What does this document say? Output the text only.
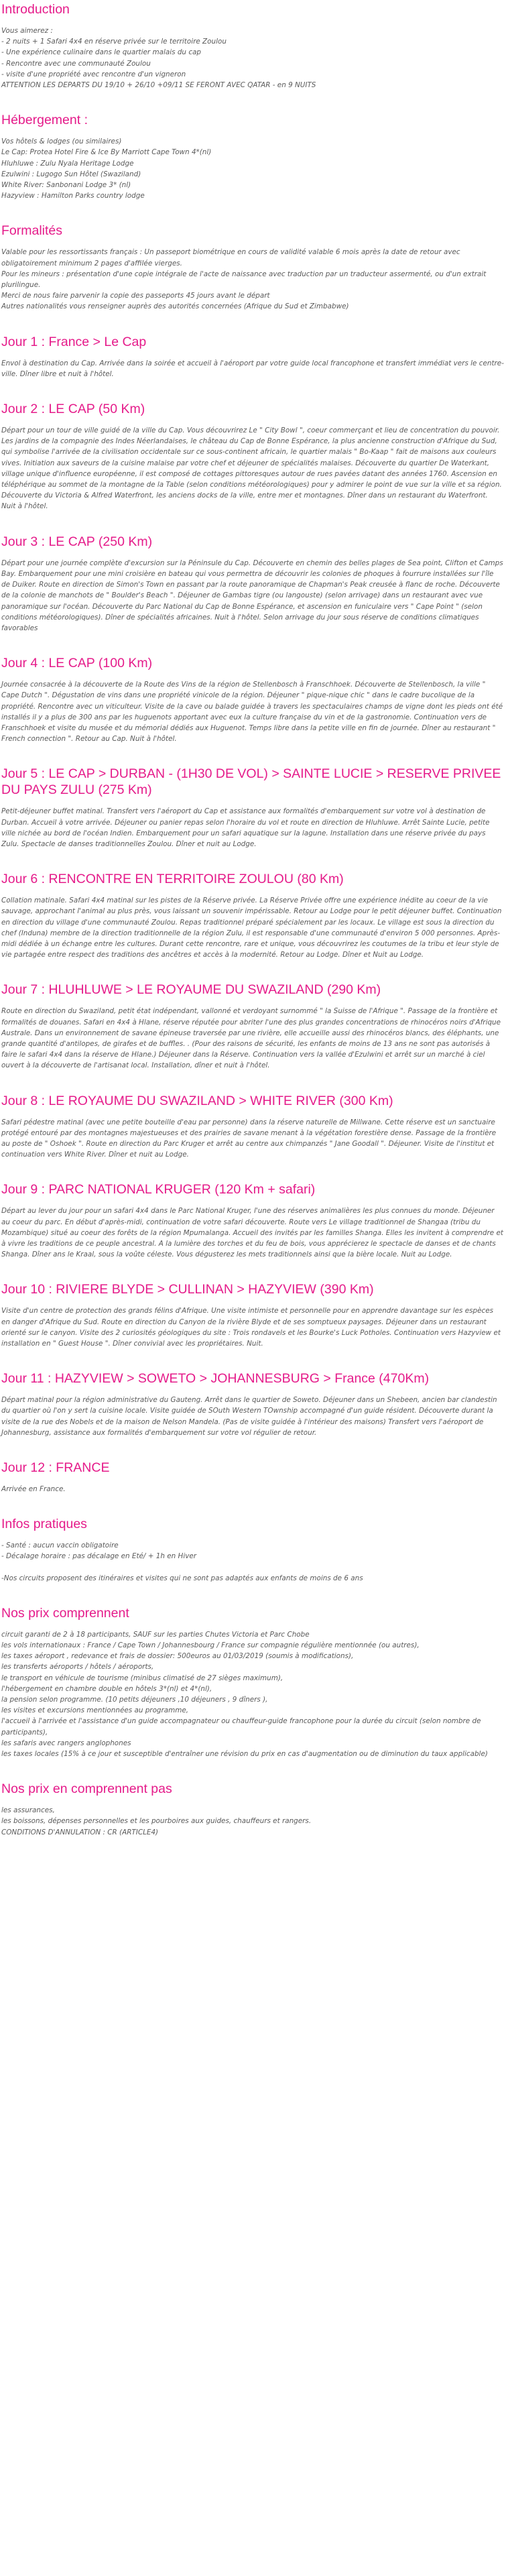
Introduction

Vous aimerez :

- 2 nuits + 1 Safari 4x4 en réserve privée sur le territoire Zoulou

- Une expérience culinaire dans le quartier malais du cap

- Rencontre avec une communauté Zoulou

- visite d'une propriété avec rencontre d'un vigneron

ATTENTION LES DEPARTS DU 19/10 + 26/10 +09/11 SE FERONT AVEC QATAR - en 9 NUITS

Hébergement :

Vos hôtels & lodges (ou similaires)

Le Cap: Protea Hotel Fire & Ice By Marriott Cape Town 4*(nl)

Hluhluwe : Zulu Nyala Heritage Lodge

Ezulwini : Lugogo Sun Hôtel (Swaziland)

White River: Sanbonani Lodge 3* (nl)

Hazyview : Hamilton Parks country lodge

Formalités

Valable pour les ressortissants français : Un passeport biométrique en cours de validité valable 6 mois après la date de retour avec obligatoirement minimum 2 pages d'affilée vierges.

Pour les mineurs : présentation d'une copie intégrale de l'acte de naissance avec traduction par un traducteur assermenté, ou d'un extrait plurilingue.

Merci de nous faire parvenir la copie des passeports 45 jours avant le départ

Autres nationalités vous renseigner auprès des autorités concernées (Afrique du Sud et Zimbabwe)

Jour 1 : France > Le Cap

Envol à destination du Cap. Arrivée dans la soirée et accueil à l'aéroport par votre guide local francophone et transfert immédiat vers le centre-ville. Dîner libre et nuit à l'hôtel.

Jour 2 : LE CAP (50 Km)

Départ pour un tour de ville guidé de la ville du Cap. Vous découvrirez Le " City Bowl ", coeur commerçant et lieu de concentration du pouvoir. Les jardins de la compagnie des Indes Néerlandaises, le château du Cap de Bonne Espérance, la plus ancienne construction d'Afrique du Sud, qui symbolise l'arrivée de la civilisation occidentale sur ce sous-continent africain, le quartier malais " Bo-Kaap " fait de maisons aux couleurs vives. Initiation aux saveurs de la cuisine malaise par votre chef et déjeuner de spécialités malaises. Découverte du quartier De Waterkant, village unique d'influence européenne, il est composé de cottages pittoresques autour de rues pavées datant des années 1760. Ascension en téléphérique au sommet de la montagne de la Table (selon conditions météorologiques) pour y admirer le point de vue sur la ville et sa région. Découverte du Victoria & Alfred Waterfront, les anciens docks de la ville, entre mer et montagnes. Dîner dans un restaurant du Waterfront. Nuit à l'hôtel.

Jour 3 : LE CAP (250 Km)

Départ pour une journée complète d'excursion sur la Péninsule du Cap. Découverte en chemin des belles plages de Sea point, Clifton et Camps Bay. Embarquement pour une mini croisière en bateau qui vous permettra de découvrir les colonies de phoques à fourrure installées sur l'île de Duiker. Route en direction de Simon's Town en passant par la route panoramique de Chapman's Peak creusée à flanc de roche. Découverte de la colonie de manchots de " Boulder's Beach ". Déjeuner de Gambas tigre (ou langouste) (selon arrivage) dans un restaurant avec vue panoramique sur l'océan. Découverte du Parc National du Cap de Bonne Espérance, et ascension en funiculaire vers " Cape Point " (selon conditions météorologiques). Dîner de spécialités africaines. Nuit à l'hôtel. Selon arrivage du jour sous réserve de conditions climatiques favorables

Jour 4 : LE CAP (100 Km)

Journée consacrée à la découverte de la Route des Vins de la région de Stellenbosch à Franschhoek. Découverte de Stellenbosch, la ville " Cape Dutch ". Dégustation de vins dans une propriété vinicole de la région. Déjeuner " pique-nique chic " dans le cadre bucolique de la propriété. Rencontre avec un viticulteur. Visite de la cave ou balade guidée à travers les spectaculaires champs de vigne dont les pieds ont été installés il y a plus de 300 ans par les huguenots apportant avec eux la culture française du vin et de la gastronomie. Continuation vers de Franschhoek et visite du musée et du mémorial dédiés aux Huguenot. Temps libre dans la petite ville en fin de journée. Dîner au restaurant " French connection ". Retour au Cap. Nuit à l'hôtel.

Jour 5 : LE CAP > DURBAN - (1H30 DE VOL) > SAINTE LUCIE > RESERVE PRIVEE DU PAYS ZULU (275 Km)

Petit-déjeuner buffet matinal. Transfert vers l'aéroport du Cap et assistance aux formalités d'embarquement sur votre vol à destination de Durban. Accueil à votre arrivée. Déjeuner ou panier repas selon l'horaire du vol et route en direction de Hluhluwe. Arrêt Sainte Lucie, petite ville nichée au bord de l'océan Indien. Embarquement pour un safari aquatique sur la lagune. Installation dans une réserve privée du pays Zulu. Spectacle de danses traditionnelles Zoulou. Dîner et nuit au Lodge.

Jour 6 : RENCONTRE EN TERRITOIRE ZOULOU (80 Km)

Collation matinale. Safari 4x4 matinal sur les pistes de la Réserve privée. La Réserve Privée offre une expérience inédite au coeur de la vie sauvage, approchant l'animal au plus près, vous laissant un souvenir impérissable. Retour au Lodge pour le petit déjeuner buffet. Continuation en direction du village d'une communauté Zoulou. Repas traditionnel préparé spécialement par les locaux. Le village est sous la direction du chef (Induna) membre de la direction traditionnelle de la région Zulu, il est responsable d'une communauté d'environ 5 000 personnes. Après-midi dédiée à un échange entre les cultures. Durant cette rencontre, rare et unique, vous découvrirez les coutumes de la tribu et leur style de vie partagée entre respect des traditions des ancêtres et accès à la modernité. Retour au Lodge. Dîner et Nuit au Lodge.

Jour 7 : HLUHLUWE > LE ROYAUME DU SWAZILAND (290 Km)

Route en direction du Swaziland, petit état indépendant, vallonné et verdoyant surnommé " la Suisse de l'Afrique ". Passage de la frontière et formalités de douanes. Safari en 4x4 à Hlane, réserve réputée pour abriter l'une des plus grandes concentrations de rhinocéros noirs d'Afrique Australe. Dans un environnement de savane épineuse traversée par une rivière, elle accueille aussi des rhinocéros blancs, des éléphants, une grande quantité d'antilopes, de girafes et de buffles. . (Pour des raisons de sécurité, les enfants de moins de 13 ans ne sont pas autorisés à faire le safari 4x4 dans la réserve de Hlane.) Déjeuner dans la Réserve. Continuation vers la vallée d'Ezulwini et arrêt sur un marché à ciel ouvert à la découverte de l'artisanat local. Installation, dîner et nuit à l'hôtel.

Jour 8 : LE ROYAUME DU SWAZILAND > WHITE RIVER (300 Km)

Safari pédestre matinal (avec une petite bouteille d'eau par personne) dans la réserve naturelle de Millwane. Cette réserve est un sanctuaire protégé entouré par des montagnes majestueuses et des prairies de savane menant à la végétation forestière dense. Passage de la frontière au poste de " Oshoek ". Route en direction du Parc Kruger et arrêt au centre aux chimpanzés " Jane Goodall ". Déjeuner. Visite de l'institut et continuation vers White River. Dîner et nuit au Lodge.

Jour 9 : PARC NATIONAL KRUGER (120 Km + safari)

Départ au lever du jour pour un safari 4x4 dans le Parc National Kruger, l'une des réserves animalières les plus connues du monde. Déjeuner au coeur du parc. En début d'après-midi, continuation de votre safari découverte. Route vers Le village traditionnel de Shangaa (tribu du Mozambique) situé au coeur des forêts de la région Mpumalanga. Accueil des invités par les familles Shanga. Elles les invitent à comprendre et à vivre les traditions de ce peuple ancestral. A la lumière des torches et du feu de bois, vous apprécierez le spectacle de danses et de chants Shanga. Dîner ans le Kraal, sous la voûte céleste. Vous dégusterez les mets traditionnels ainsi que la bière locale. Nuit au Lodge.

Jour 10 : RIVIERE BLYDE > CULLINAN > HAZYVIEW (390 Km)

Visite d'un centre de protection des grands félins d'Afrique. Une visite intimiste et personnelle pour en apprendre davantage sur les espèces en danger d'Afrique du Sud. Route en direction du Canyon de la rivière Blyde et de ses somptueux paysages. Déjeuner dans un restaurant orienté sur le canyon. Visite des 2 curiosités géologiques du site : Trois rondavels et les Bourke's Luck Potholes. Continuation vers Hazyview et installation en " Guest House ". Dîner convivial avec les propriétaires. Nuit.

Jour 11 : HAZYVIEW > SOWETO > JOHANNESBURG > France (470Km)

Départ matinal pour la région administrative du Gauteng. Arrêt dans le quartier de Soweto. Déjeuner dans un Shebeen, ancien bar clandestin du quartier où l'on y sert la cuisine locale. Visite guidée de SOuth Western TOwnship accompagné d'un guide résident. Découverte durant la visite de la rue des Nobels et de la maison de Nelson Mandela. (Pas de visite guidée à l'intérieur des maisons) Transfert vers l'aéroport de Johannesburg, assistance aux formalités d'embarquement sur votre vol régulier de retour.

Jour 12 : FRANCE

Arrivée en France.

Infos pratiques

- Santé : aucun vaccin obligatoire

- Décalage horaire : pas décalage en Eté/ + 1h en Hiver

-Nos circuits proposent des itinéraires et visites qui ne sont pas adaptés aux enfants de moins de 6 ans

Nos prix comprennent

circuit garanti de 2 à 18 participants, SAUF sur les parties Chutes Victoria et Parc Chobe

les vols internationaux : France / Cape Town / Johannesbourg / France sur compagnie régulière mentionnée (ou autres),

les taxes aéroport , redevance et frais de dossier: 500euros au 01/03/2019 (soumis à modifications),

les transferts aéroports / hôtels / aéroports,

le transport en véhicule de tourisme (minibus climatisé de 27 sièges maximum),

l'hébergement en chambre double en hôtels 3*(nl) et 4*(nl),

la pension selon programme. (10 petits déjeuners ,10 déjeuners , 9 dîners ),

les visites et excursions mentionnées au programme,

l'accueil à l'arrivée et l'assistance d'un guide accompagnateur ou chauffeur-guide francophone pour la durée du circuit (selon nombre de participants),

les safaris avec rangers anglophones

les taxes locales (15% à ce jour et susceptible d'entraîner une révision du prix en cas d'augmentation ou de diminution du taux applicable)

Nos prix en comprennent pas

les assurances,

les boissons, dépenses personnelles et les pourboires aux guides, chauffeurs et rangers.

CONDITIONS D'ANNULATION : CR (ARTICLE4)
